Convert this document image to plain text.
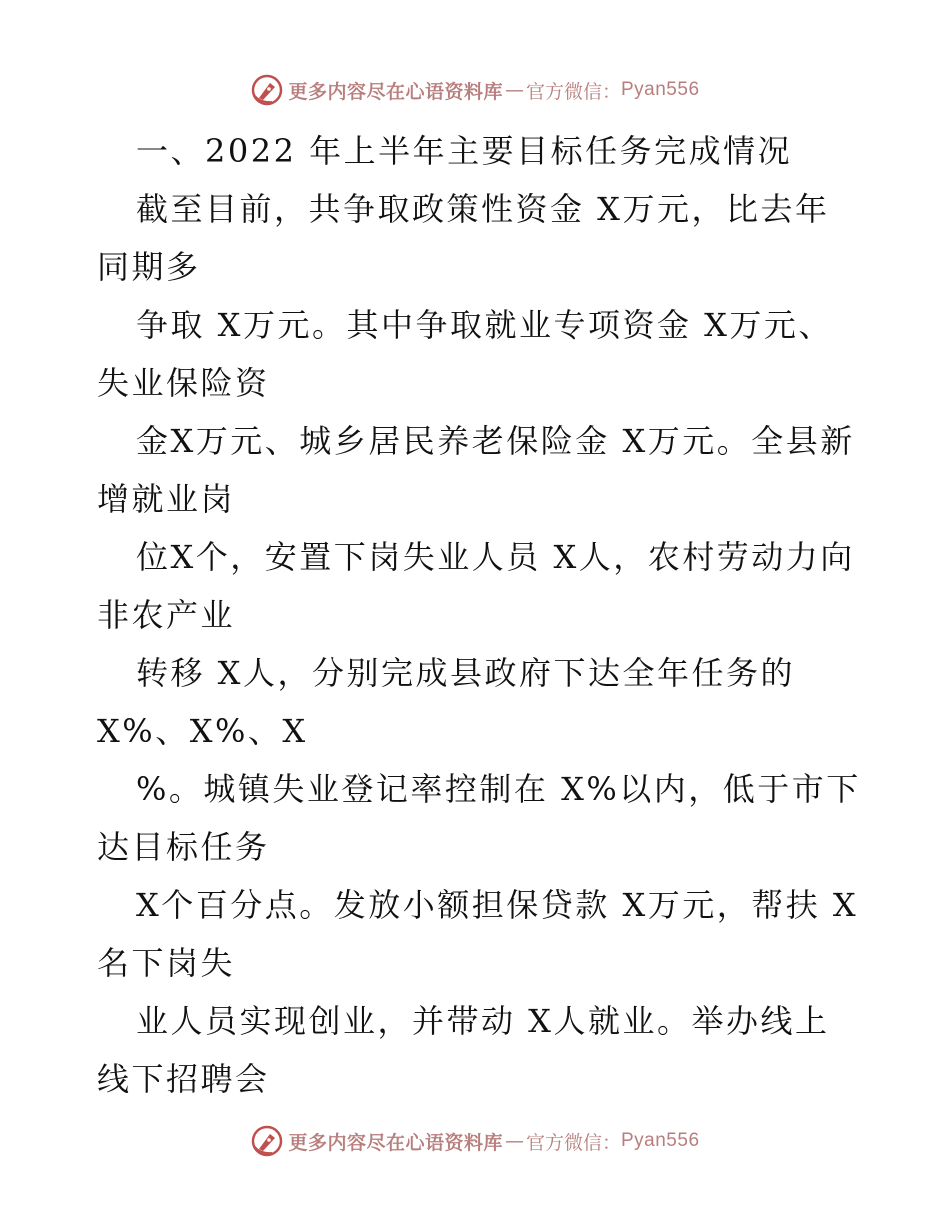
更多内容尽在心语资料库 — 官方微信： Pyan556
一、2022 年上半年主要目标任务完成情况
截至目前，共争取政策性资金 X万元，比去年
同期多
争取 X万元。其中争取就业专项资金 X万元、
失业保险资
金X万元、城乡居民养老保险金 X万元。全县新
增就业岗
位X个，安置下岗失业人员 X人，农村劳动力向
非农产业
转移 X人，分别完成县政府下达全年任务的
X%、X%、X
%。城镇失业登记率控制在 X%以内，低于市下
达目标任务
X个百分点。发放小额担保贷款 X万元，帮扶 X
名下岗失
业人员实现创业，并带动 X人就业。举办线上
线下招聘会
更多内容尽在心语资料库 — 官方微信： Pyan556
